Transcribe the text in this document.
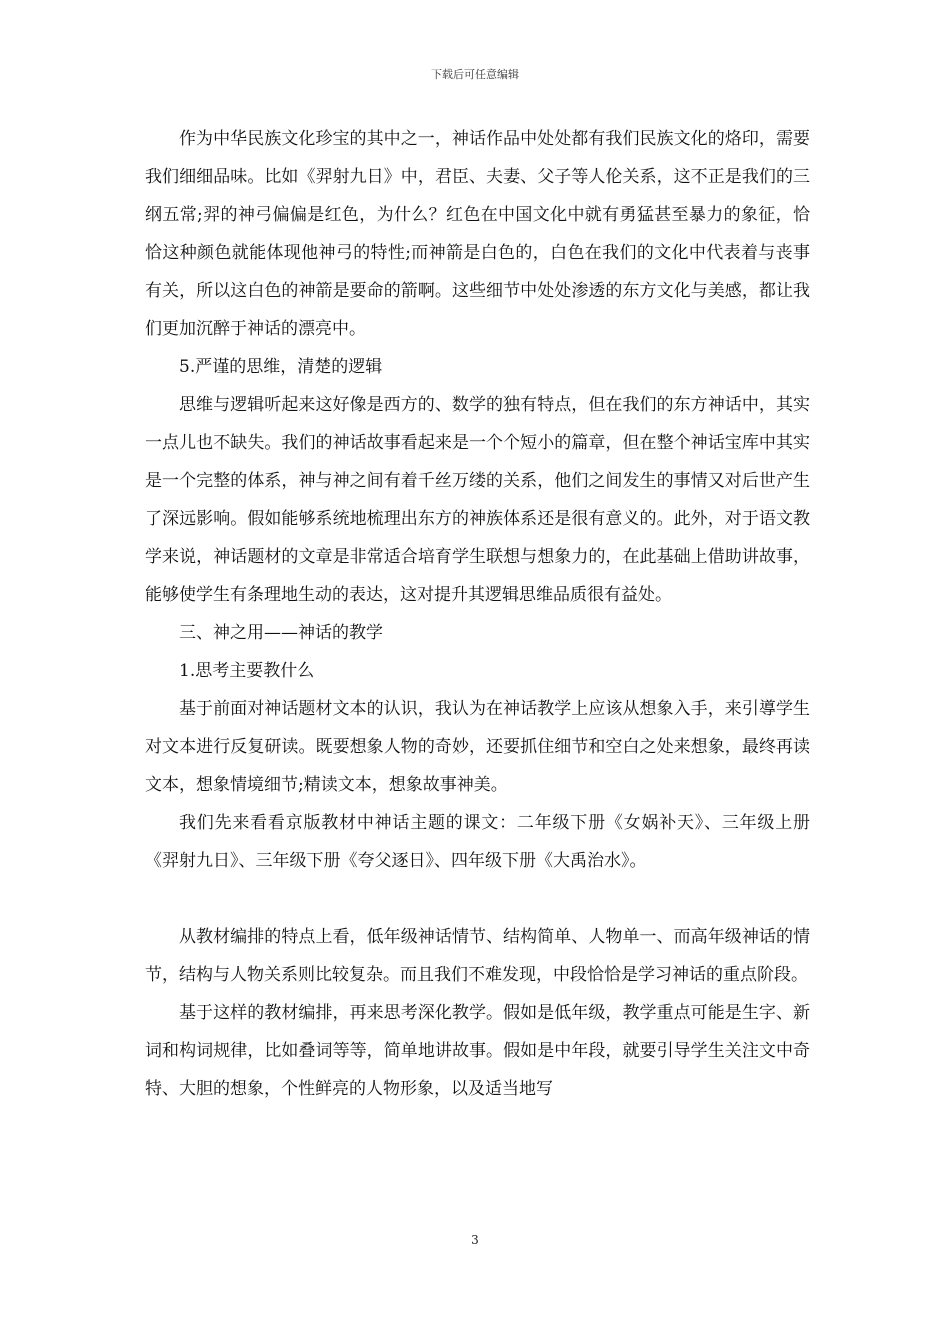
下载后可任意编辑

作为中华民族文化珍宝的其中之一，神话作品中处处都有我们民族文化的烙印，需要我们细细品味。比如《羿射九日》中，君臣、夫妻、父子等人伦关系，这不正是我们的三纲五常;羿的神弓偏偏是红色，为什么？红色在中国文化中就有勇猛甚至暴力的象征，恰恰这种颜色就能体现他神弓的特性;而神箭是白色的，白色在我们的文化中代表着与丧事有关，所以这白色的神箭是要命的箭啊。这些细节中处处渗透的东方文化与美感，都让我们更加沉醉于神话的漂亮中。

5.严谨的思维，清楚的逻辑

思维与逻辑听起来这好像是西方的、数学的独有特点，但在我们的东方神话中，其实一点儿也不缺失。我们的神话故事看起来是一个个短小的篇章，但在整个神话宝库中其实是一个完整的体系，神与神之间有着千丝万缕的关系，他们之间发生的事情又对后世产生了深远影响。假如能够系统地梳理出东方的神族体系还是很有意义的。此外，对于语文教学来说，神话题材的文章是非常适合培育学生联想与想象力的，在此基础上借助讲故事，能够使学生有条理地生动的表达，这对提升其逻辑思维品质很有益处。

三、神之用——神话的教学

1.思考主要教什么

基于前面对神话题材文本的认识，我认为在神话教学上应该从想象入手，来引導学生对文本进行反复研读。既要想象人物的奇妙，还要抓住细节和空白之处来想象，最终再读文本，想象情境细节;精读文本，想象故事神美。

我们先来看看京版教材中神话主题的课文：二年级下册《女娲补天》、三年级上册《羿射九日》、三年级下册《夸父逐日》、四年级下册《大禹治水》。

从教材编排的特点上看，低年级神话情节、结构简单、人物单一、而高年级神话的情节，结构与人物关系则比较复杂。而且我们不难发现，中段恰恰是学习神话的重点阶段。

基于这样的教材编排，再来思考深化教学。假如是低年级，教学重点可能是生字、新词和构词规律，比如叠词等等，简单地讲故事。假如是中年段，就要引导学生关注文中奇特、大胆的想象，个性鲜亮的人物形象，以及适当地写

3
